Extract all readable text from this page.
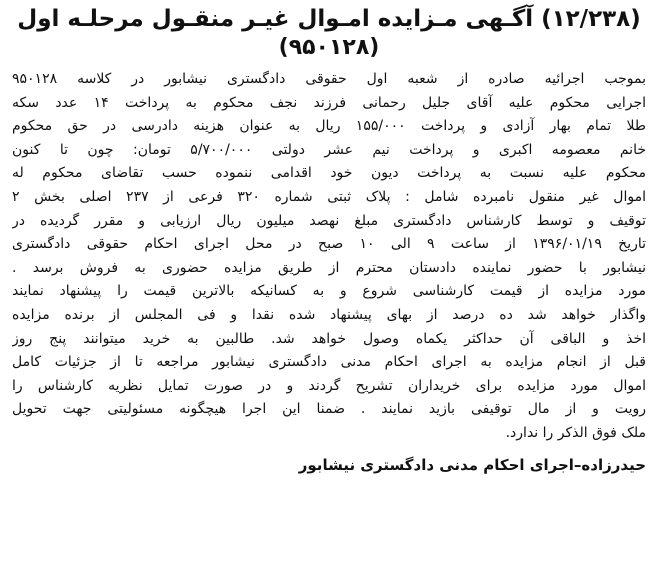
(۱۲/۲۳۸) آگـهی مـزایده امـوال غیـر منقـول مرحلـه اول
(۹۵۰۱۲۸)
بموجب اجرائیه صادره از شعبه اول حقوقی دادگستری نیشابور در کلاسه ۹۵۰۱۲۸
اجرایی محکوم علیه آقای جلیل رحمانی فرزند نجف محکوم به پرداخت ۱۴ عدد سکه
طلا تمام بهار آزادی و پرداخت ۱۵۵/۰۰۰ ریال به عنوان هزینه دادرسی در حق محکوم
خانم معصومه اکبری و پرداخت نیم عشر دولتی ۵/۷۰۰/۰۰۰ تومان: چون تا کنون
محکوم علیه نسبت به پرداخت دیون خود اقدامی ننموده حسب تقاضای محکوم له
اموال غیر منقول نامبرده شامل : پلاک ثبتی شماره ۳۲۰ فرعی از ۲۳۷ اصلی بخش ۲
توقیف و توسط کارشناس دادگستری مبلغ نهصد میلیون ریال ارزیابی و مقرر گردیده در
تاریخ ۱۳۹۶/۰۱/۱۹ از ساعت ۹ الی ۱۰ صبح در محل اجرای احکام حقوقی دادگستری
نیشابور با حضور نماینده دادستان محترم از طریق مزایده حضوری به فروش برسد .
مورد مزایده از قیمت کارشناسی شروع و به کسانیکه بالاترین قیمت را پیشنهاد نمایند
واگذار خواهد شد ده درصد از بهای پیشنهاد شده نقدا و فی المجلس از برنده مزایده
اخذ و الباقی آن حداکثر یکماه وصول خواهد شد. طالبین به خرید میتوانند پنج روز
قبل از انجام مزایده به اجرای احکام مدنی دادگستری نیشابور مراجعه تا از جزئیات کامل
اموال مورد مزایده برای خریداران تشریح گردند و در صورت تمایل نظریه کارشناس را
رویت و از مال توقیفی بازید نمایند . ضمنا این اجرا هیچگونه مسئولیتی جهت تحویل
ملک فوق الذکر را ندارد.

حیدرزاده–اجرای احکام مدنی دادگستری نیشابور
